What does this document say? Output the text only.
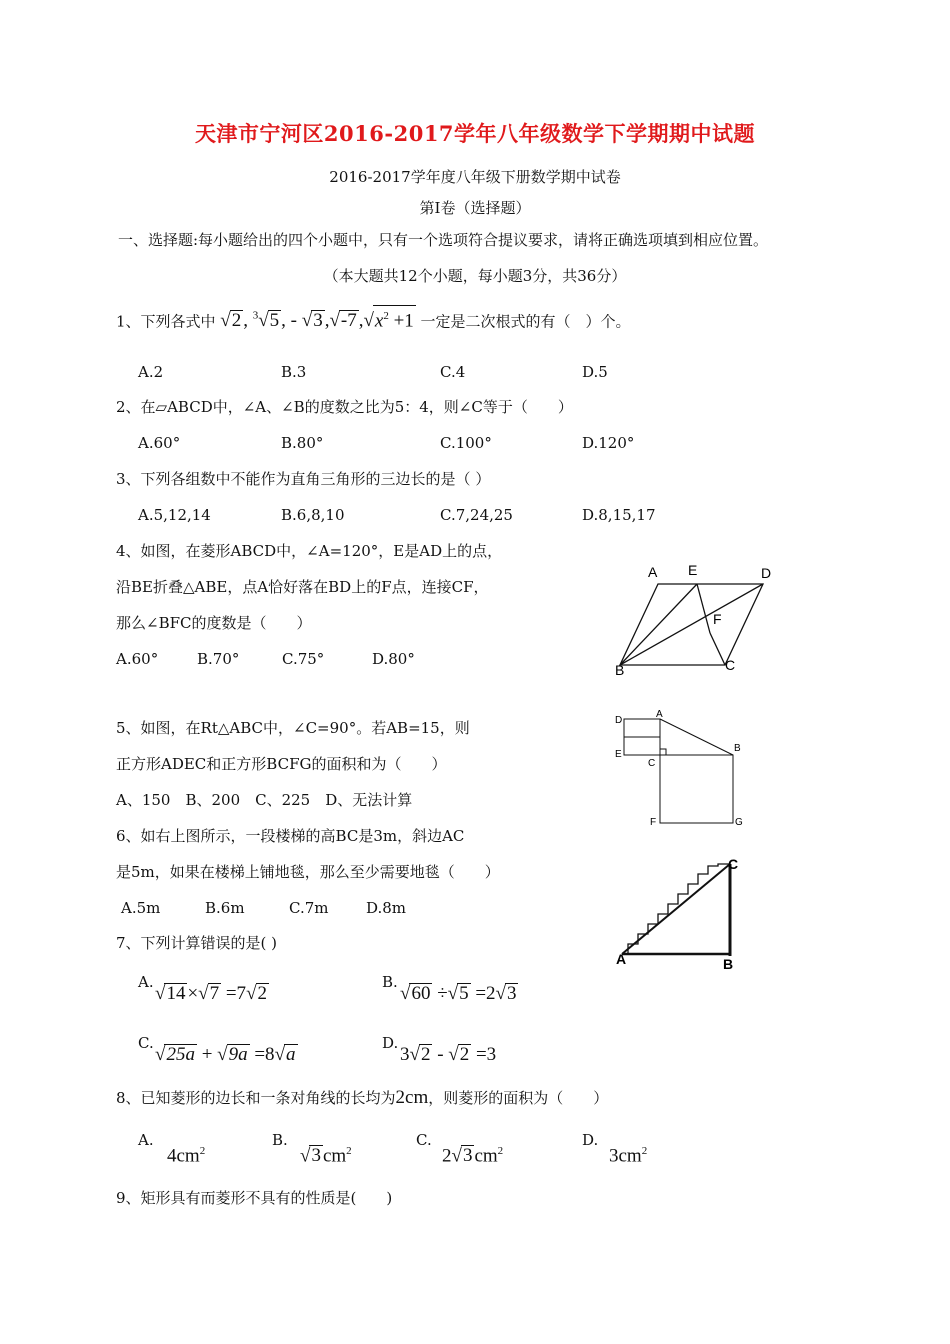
天津市宁河区2016-2017学年八年级数学下学期期中试题
2016-2017学年度八年级下册数学期中试卷
第Ⅰ卷（选择题）
一、选择题:每小题给出的四个小题中，只有一个选项符合提议要求，请将正确选项填到相应位置。
（本大题共12个小题，每小题3分，共36分）
1、下列各式中 √2 , $^3$√5 , - √3 ,√-7 $,√x^2 +1$ 一定是二次根式的有（　）个。
A.2	B.3	C.4	D.5
2、在▱ABCD中，∠A、∠B的度数之比为5：4，则∠C等于（　　）
A.60°	B.80°	C.100°	D.120°
3、下列各组数中不能作为直角三角形的三边长的是（ ）
A.5,12,14	B.6,8,10	C.7,24,25	D.8,15,17
4、如图，在菱形ABCD中，∠A=120°，E是AD上的点，
沿BE折叠△ABE，点A恰好落在BD上的F点，连接CF，
那么∠BFC的度数是（　　）
A.60°	B.70°	C.75°	D.80°
A E	D
F
B	C
5、如图，在Rt△ABC中，∠C=90°。若AB=15，则
正方形ADEC和正方形BCFG的面积和为（　　）
A、150　B、200　C、225　D、无法计算
D
A
E
C
B
F	G
6、如右上图所示，一段楼梯的高BC是3m，斜边AC
是5m，如果在楼梯上铺地毯，那么至少需要地毯（　　）
A.5m	B.6m	C.7m	D.8m
A	B
C
7、下列计算错误的是( )
A.
√14 ×√7 =7√2
B.
√60 ÷√5 =2√3
C.
√25a + √9a =8√a
D.
3√2 - √2 =3
8、已知菱形的边长和一条对角线的长均为2cm，则菱形的面积为（　　）
A.
$4cm^2$
B.
√3 $cm^2$
C.
2√3 $cm^2$
D.
$3cm^2$
9、矩形具有而菱形不具有的性质是(　　)
